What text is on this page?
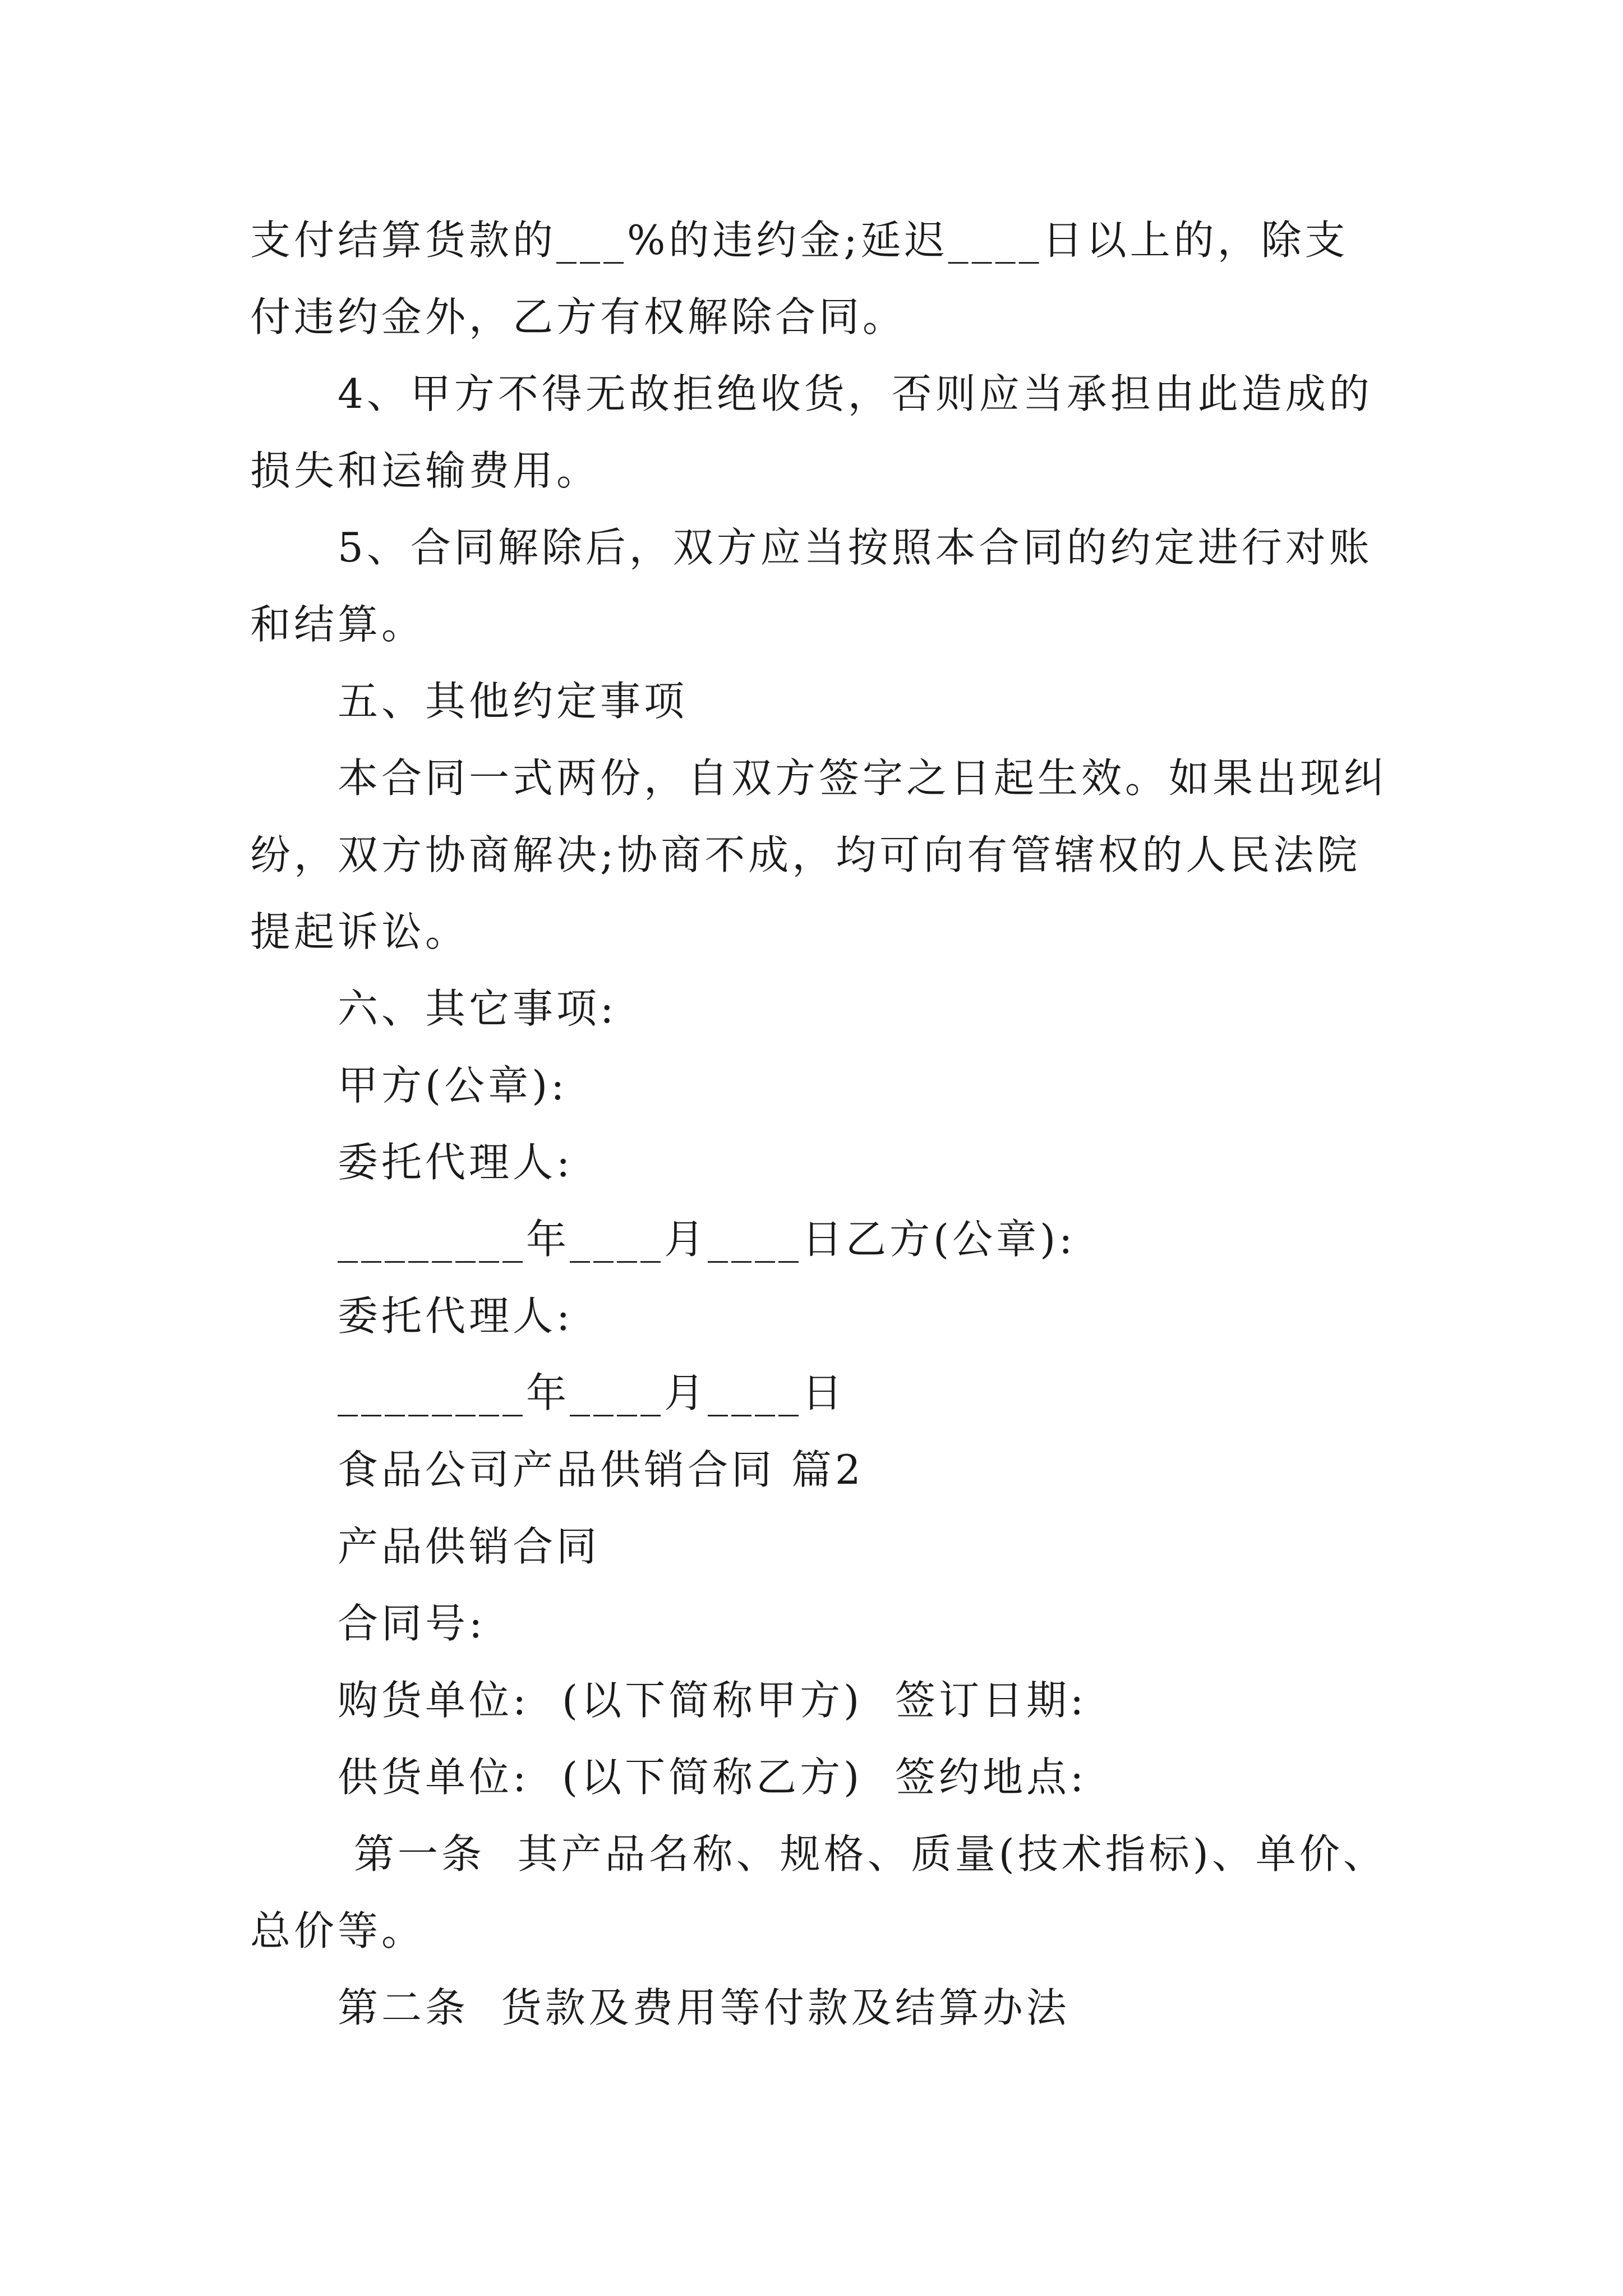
支付结算货款的___%的违约金;延迟____日以上的，除支付违约金外，乙方有权解除合同。

4、甲方不得无故拒绝收货，否则应当承担由此造成的损失和运输费用。

5、合同解除后，双方应当按照本合同的约定进行对账和结算。

五、其他约定事项

本合同一式两份，自双方签字之日起生效。如果出现纠纷，双方协商解决;协商不成，均可向有管辖权的人民法院提起诉讼。

六、其它事项:

甲方(公章):

委托代理人:

________年____月____日乙方(公章):

委托代理人:

________年____月____日

食品公司产品供销合同 篇2

产品供销合同

合同号:

购货单位:  (以下简称甲方)  签订日期:

供货单位:  (以下简称乙方)  签约地点:

第一条  其产品名称、规格、质量(技术指标)、单价、总价等。

第二条  货款及费用等付款及结算办法
